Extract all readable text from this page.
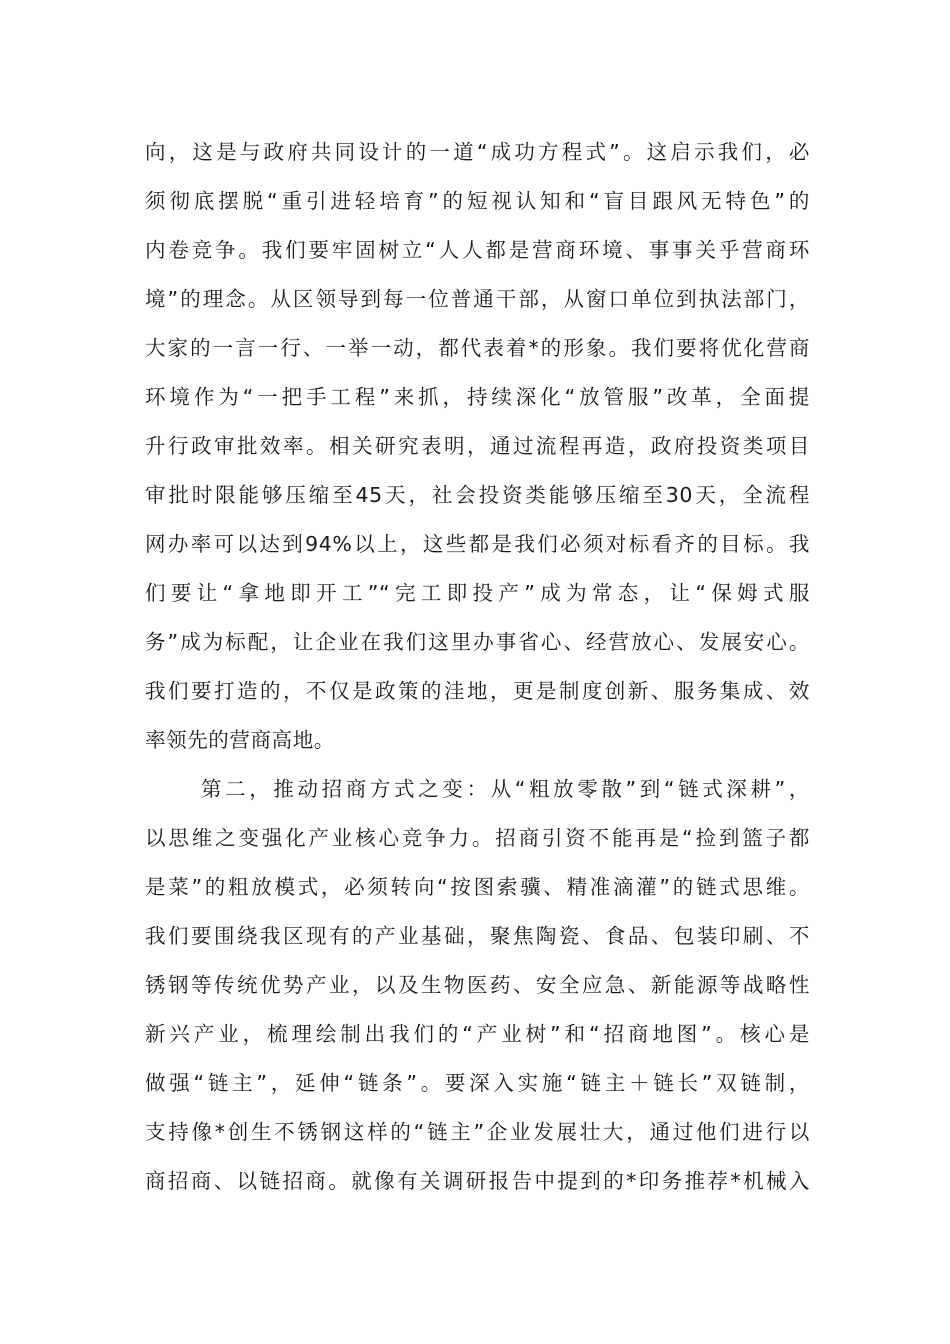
向，这是与政府共同设计的一道“成功方程式”。这启示我们，必
须彻底摆脱“重引进轻培育”的短视认知和“盲目跟风无特色”的
内卷竞争。我们要牢固树立“人人都是营商环境、事事关乎营商环
境”的理念。从区领导到每一位普通干部，从窗口单位到执法部门，
大家的一言一行、一举一动，都代表着*的形象。我们要将优化营商
环境作为“一把手工程”来抓，持续深化“放管服”改革，全面提
升行政审批效率。相关研究表明，通过流程再造，政府投资类项目
审批时限能够压缩至45天，社会投资类能够压缩至30天，全流程
网办率可以达到94%以上，这些都是我们必须对标看齐的目标。我
们要让“拿地即开工”“完工即投产”成为常态，让“保姆式服
务”成为标配，让企业在我们这里办事省心、经营放心、发展安心。
我们要打造的，不仅是政策的洼地，更是制度创新、服务集成、效
率领先的营商高地。
第二，推动招商方式之变：从“粗放零散”到“链式深耕”，
以思维之变强化产业核心竞争力。招商引资不能再是“捡到篮子都
是菜”的粗放模式，必须转向“按图索骥、精准滴灌”的链式思维。
我们要围绕我区现有的产业基础，聚焦陶瓷、食品、包装印刷、不
锈钢等传统优势产业，以及生物医药、安全应急、新能源等战略性
新兴产业，梳理绘制出我们的“产业树”和“招商地图”。核心是
做强“链主”，延伸“链条”。要深入实施“链主＋链长”双链制，
支持像*创生不锈钢这样的“链主”企业发展壮大，通过他们进行以
商招商、以链招商。就像有关调研报告中提到的*印务推荐*机械入
